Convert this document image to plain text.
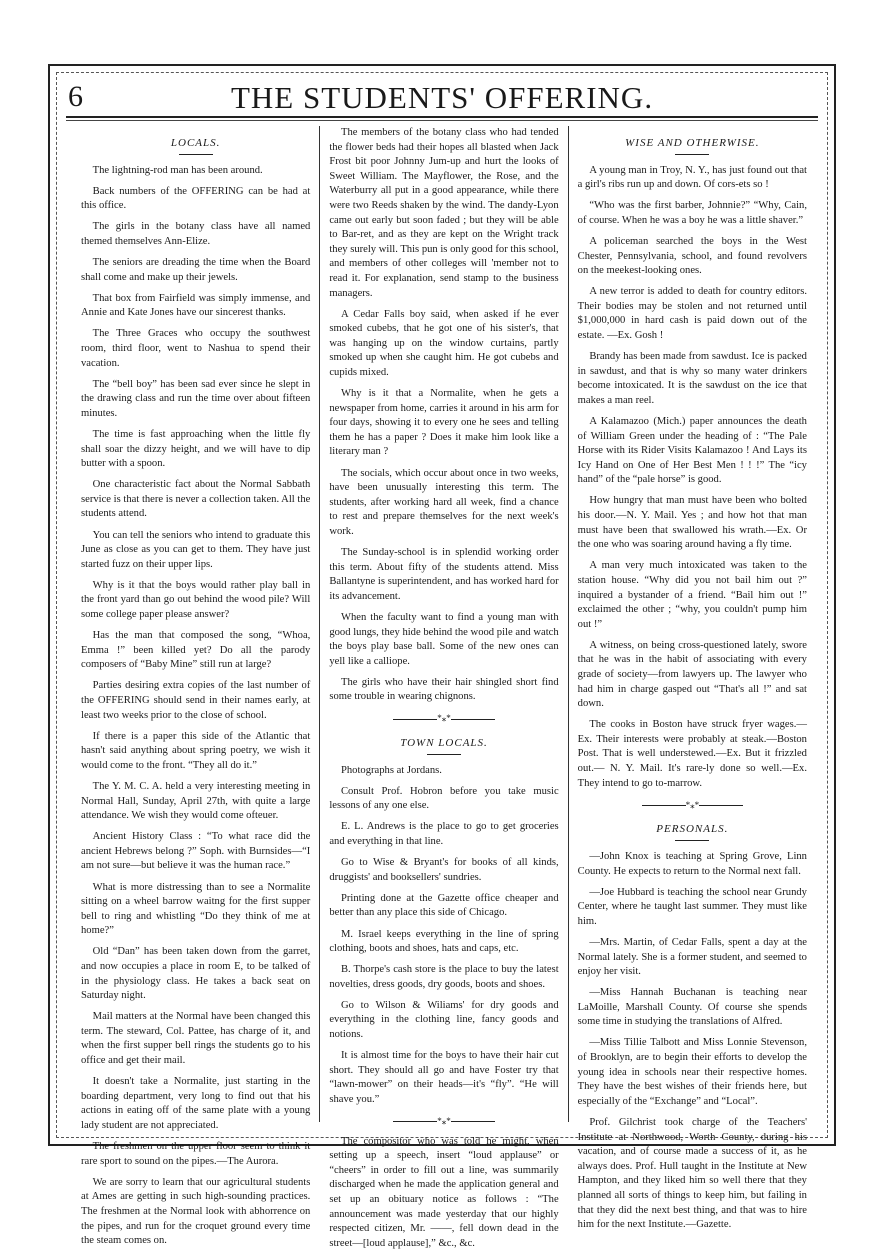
6	THE STUDENTS' OFFERING.
LOCALS.

The lightning-rod man has been around.

Back numbers of the OFFERING can be had at this office.

The girls in the botany class have all named themed themselves Ann-Elize.

The seniors are dreading the time when the Board shall come and make up their jewels.

That box from Fairfield was simply immense, and Annie and Kate Jones have our sincerest thanks.

The Three Graces who occupy the southwest room, third floor, went to Nashua to spend their vacation.

The “bell boy” has been sad ever since he slept in the drawing class and run the time over about fifteen minutes.

The time is fast approaching when the little fly shall soar the dizzy height, and we will have to dip butter with a spoon.

One characteristic fact about the Normal Sabbath service is that there is never a collection taken. All the students attend.

You can tell the seniors who intend to graduate this June as close as you can get to them. They have just started fuzz on their upper lips.

Why is it that the boys would rather play ball in the front yard than go out behind the wood pile? Will some college paper please answer?

Has the man that composed the song, “Whoa, Emma !” been killed yet? Do all the parody composers of “Baby Mine” still run at large?

Parties desiring extra copies of the last number of the OFFERING should send in their names early, at least two weeks prior to the close of school.

If there is a paper this side of the Atlantic that hasn't said anything about spring poetry, we wish it would come to the front. “They all do it.”

The Y. M. C. A. held a very interesting meeting in Normal Hall, Sunday, April 27th, with quite a large attendance. We wish they would come ofteuer.

Ancient History Class : “To what race did the ancient Hebrews belong ?” Soph. with Burnsides—“I am not sure—but believe it was the human race.”

What is more distressing than to see a Normalite sitting on a wheel barrow waitng for the first supper bell to ring and whistling “Do they think of me at home?”

Old “Dan” has been taken down from the garret, and now occupies a place in room E, to be talked of in the physiology class. He takes a back seat on Saturday night.

Mail matters at the Normal have been changed this term. The steward, Col. Pattee, has charge of it, and when the first supper bell rings the students go to his office and get their mail.

It doesn't take a Normalite, just starting in the boarding department, very long to find out that his actions in eating off of the same plate with a young lady student are not appreciated.

The freshmen on the upper floor seem to think it rare sport to sound on the pipes.—The Aurora.

We are sorry to learn that our agricultural students at Ames are getting in such high-sounding practices. The freshmen at the Normal look with abhorrence on the pipes, and run for the croquet ground every time the steam comes on.

The members of the botany class who had tended the flower beds had their hopes all blasted when Jack Frost bit poor Johnny Jum-up and hurt the looks of Sweet William. The Mayflower, the Rose, and the Waterburry all put in a good appearance, while there were two Reeds shaken by the wind. The dandy-Lyon came out early but soon faded ; but they will be able to Bar-ret, and as they are kept on the Wright track they surely will. This pun is only good for this school, and members of other colleges will 'member not to read it. For explanation, send stamp to the business managers.

A Cedar Falls boy said, when asked if he ever smoked cubebs, that he got one of his sister's, that was hanging up on the window curtains, partly smoked up when she caught him. He got cubebs and cupids mixed.

Why is it that a Normalite, when he gets a newspaper from home, carries it around in his arm for four days, showing it to every one he sees and telling them he has a paper ? Does it make him look like a literary man ?

The socials, which occur about once in two weeks, have been unusually interesting this term. The students, after working hard all week, find a chance to rest and prepare themselves for the next week's work.

The Sunday-school is in splendid working order this term. About fifty of the students attend. Miss Ballantyne is superintendent, and has worked hard for its advancement.

When the faculty want to find a young man with good lungs, they hide behind the wood pile and watch the boys play base ball. Some of the new ones can yell like a calliope.

The girls who have their hair shingled short find some trouble in wearing chignons.

*⁎*
TOWN LOCALS.

Photographs at Jordans.

Consult Prof. Hobron before you take music lessons of any one else.

E. L. Andrews is the place to go to get groceries and everything in that line.

Go to Wise & Bryant's for books of all kinds, druggists' and booksellers' sundries.

Printing done at the Gazette office cheaper and better than any place this side of Chicago.

M. Israel keeps everything in the line of spring clothing, boots and shoes, hats and caps, etc.

B. Thorpe's cash store is the place to buy the latest novelties, dress goods, dry goods, boots and shoes.

Go to Wilson & Wiliams' for dry goods and everything in the clothing line, fancy goods and notions.

It is almost time for the boys to have their hair cut short. They should all go and have Foster try that “lawn-mower” on their heads—it's “fly”. “He will shave you.”

*⁎*

The compositor who was told he might, when setting up a speech, insert “loud applause” or “cheers” in order to fill out a line, was summarily discharged when he made the application general and set up an obituary notice as follows : “The announcement was made yesterday that our highly respected citizen, Mr. ——, fell down dead in the street—[loud applause],” &c., &c.

WISE AND OTHERWISE.

A young man in Troy, N. Y., has just found out that a girl's ribs run up and down. Of cors-ets so !

“Who was the first barber, Johnnie?” “Why, Cain, of course. When he was a boy he was a little shaver.”

A policeman searched the boys in the West Chester, Pennsylvania, school, and found revolvers on the meekest-looking ones.

A new terror is added to death for country editors. Their bodies may be stolen and not returned until $1,000,000 in hard cash is paid down out of the estate. —Ex. Gosh !

Brandy has been made from sawdust. Ice is packed in sawdust, and that is why so many water drinkers become intoxicated. It is the sawdust on the ice that makes a man reel.

A Kalamazoo (Mich.) paper announces the death of William Green under the heading of : “The Pale Horse with its Rider Visits Kalamazoo ! And Lays its Icy Hand on One of Her Best Men ! ! !” The “icy hand” of the “pale horse” is good.

How hungry that man must have been who bolted his door.—N. Y. Mail. Yes ; and how hot that man must have been that swallowed his wrath.—Ex. Or the one who was soaring around having a fly time.

A man very much intoxicated was taken to the station house. “Why did you not bail him out ?” inquired a bystander of a friend. “Bail him out !” exclaimed the other ; “why, you couldn't pump him out !”

A witness, on being cross-questioned lately, swore that he was in the habit of associating with every grade of society—from lawyers up. The lawyer who had him in charge gasped out “That's all !” and sat down.

The cooks in Boston have struck fryer wages.—Ex. Their interests were probably at steak.—Boston Post. That is well understewed.—Ex. But it frizzled out.— N. Y. Mail. It's rare-ly done so well.—Ex. They intend to go to-marrow.

*⁎*
PERSONALS.

—John Knox is teaching at Spring Grove, Linn County. He expects to return to the Normal next fall.

—Joe Hubbard is teaching the school near Grundy Center, where he taught last summer. They must like him.

—Mrs. Martin, of Cedar Falls, spent a day at the Normal lately. She is a former student, and seemed to enjoy her visit.

—Miss Hannah Buchanan is teaching near LaMoille, Marshall County. Of course she spends some time in studying the translations of Alfred.

—Miss Tillie Talbott and Miss Lonnie Stevenson, of Brooklyn, are to begin their efforts to develop the young idea in schools near their respective homes. They have the best wishes of their friends here, but especially of the “Exchange” and “Local”.

Prof. Gilchrist took charge of the Teachers' Institute at Northwood, Worth County, during his vacation, and of course made a success of it, as he always does. Prof. Hull taught in the Institute at New Hampton, and they liked him so well there that they planned all sorts of things to keep him, but failing in that they did the next best thing, and that was to hire him for the next Institute.—Gazette.
